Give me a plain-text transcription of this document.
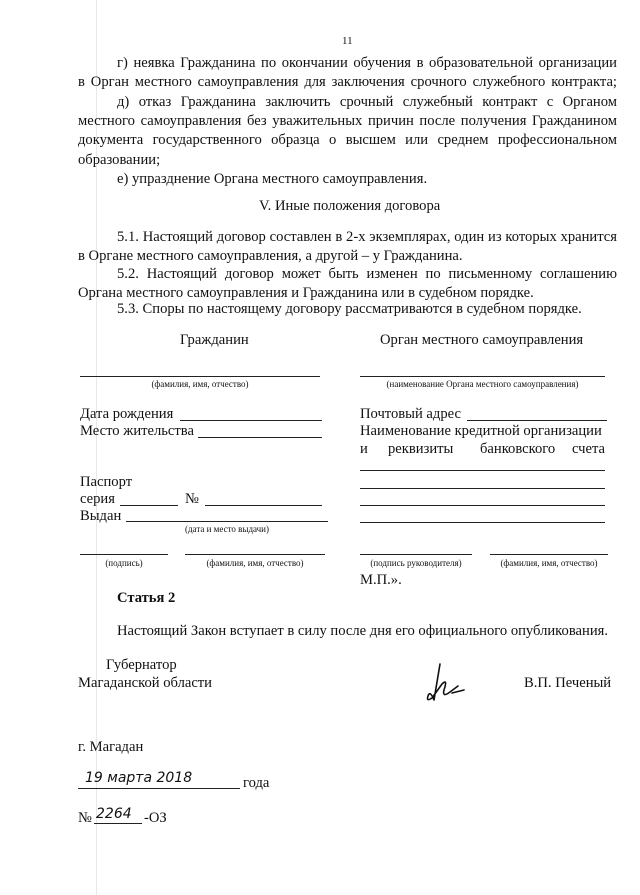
11
г) неявка Гражданина по окончании обучения в образовательной организации
в Орган местного самоуправления для заключения срочного служебного контракта;
д) отказ Гражданина заключить срочный служебный контракт с Органом
местного самоуправления без уважительных причин после получения Гражданином
документа государственного образца о высшем или среднем профессиональном
образовании;
е) упразднение Органа местного самоуправления.
V. Иные положения договора
5.1. Настоящий договор составлен в 2-х экземплярах, один из которых хранится
в Органе местного самоуправления, а другой – у Гражданина.
5.2. Настоящий договор может быть изменен по письменному соглашению
Органа местного самоуправления и Гражданина или в судебном порядке.
5.3. Споры по настоящему договору рассматриваются в судебном порядке.
Гражданин	Орган местного самоуправления
(фамилия, имя, отчество)	(наименование Органа местного самоуправления)
Дата рождения
Место жительства
Почтовый адрес
Наименование кредитной организации
и реквизиты банковского счета
Паспорт
серия	№
Выдан
(дата и место выдачи)
(подпись)	(фамилия, имя, отчество)	(подпись руководителя)	(фамилия, имя, отчество)
М.П.».
Статья 2
Настоящий Закон вступает в силу после дня его официального опубликования.
Губернатор
Магаданской области	В.П. Печеный
г. Магадан
19 марта 2018	года
№ 2264 -ОЗ
